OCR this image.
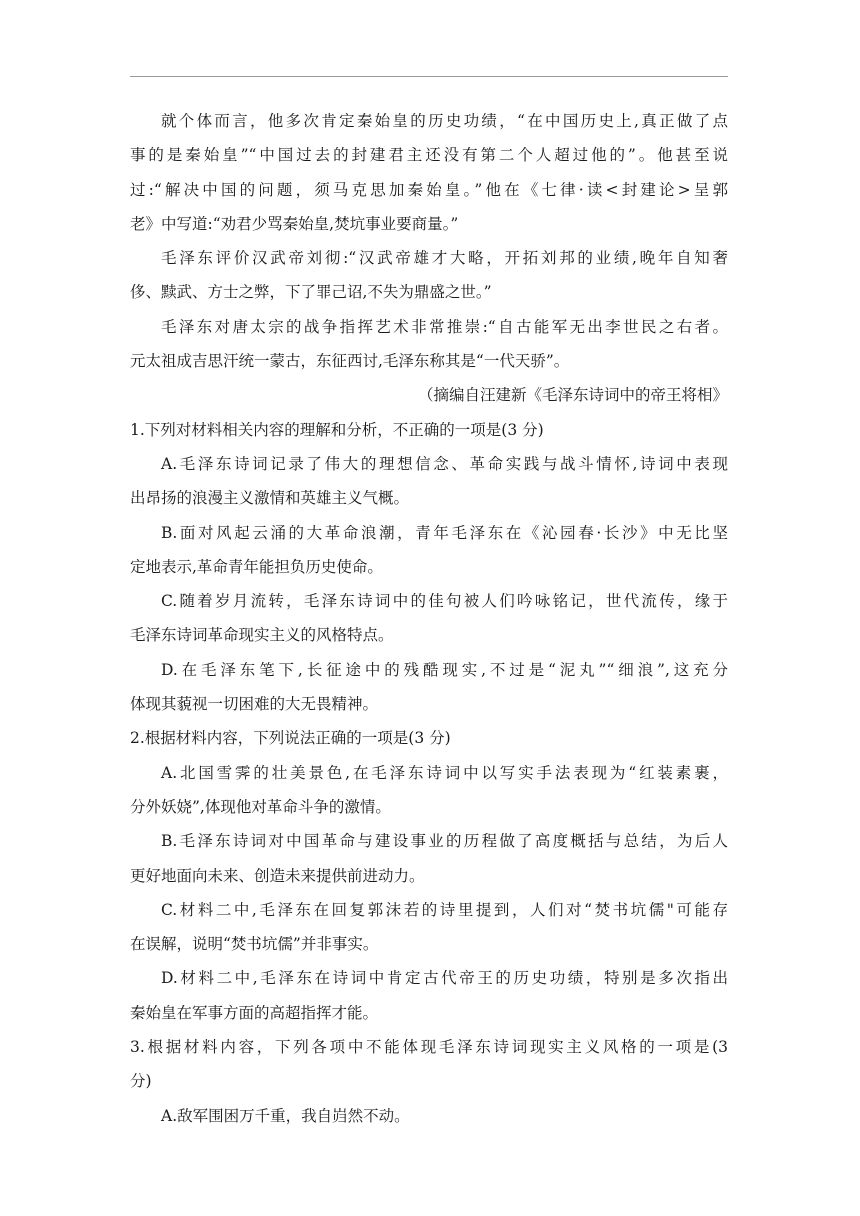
就个体而言，他多次肯定秦始皇的历史功绩，“在中国历史上,真正做了点
事的是秦始皇”“中国过去的封建君主还没有第二个人超过他的”。他甚至说
过:“解决中国的问题，须马克思加秦始皇。”他在《七律·读<封建论>呈郭
老》中写道:“劝君少骂秦始皇,焚坑事业要商量。”
毛泽东评价汉武帝刘彻:“汉武帝雄才大略，开拓刘邦的业绩,晚年自知奢
侈、黩武、方士之弊，下了罪己诏,不失为鼎盛之世。”
毛泽东对唐太宗的战争指挥艺术非常推崇:“自古能军无出李世民之右者。
元太祖成吉思汗统一蒙古，东征西讨,毛泽东称其是“一代天骄”。
（摘编自汪建新《毛泽东诗词中的帝王将相》
1.下列对材料相关内容的理解和分析，不正确的一项是(3 分)
A.毛泽东诗词记录了伟大的理想信念、革命实践与战斗情怀,诗词中表现
出昂扬的浪漫主义激情和英雄主义气概。
B.面对风起云涌的大革命浪潮，青年毛泽东在《沁园春·长沙》中无比坚
定地表示,革命青年能担负历史使命。
C.随着岁月流转，毛泽东诗词中的佳句被人们吟咏铭记，世代流传，缘于
毛泽东诗词革命现实主义的风格特点。
D.在毛泽东笔下,长征途中的残酷现实,不过是“泥丸”“细浪”,这充分
体现其藐视一切困难的大无畏精神。
2.根据材料内容，下列说法正确的一项是(3 分)
A.北国雪霁的壮美景色,在毛泽东诗词中以写实手法表现为“红装素裹，
分外妖娆”,体现他对革命斗争的激情。
B.毛泽东诗词对中国革命与建设事业的历程做了高度概括与总结，为后人
更好地面向未来、创造未来提供前进动力。
C.材料二中,毛泽东在回复郭沫若的诗里提到，人们对“焚书坑儒"可能存
在误解，说明“焚书坑儒”并非事实。
D.材料二中,毛泽东在诗词中肯定古代帝王的历史功绩，特别是多次指出
秦始皇在军事方面的高超指挥才能。
3.根据材料内容，下列各项中不能体现毛泽东诗词现实主义风格的一项是(3
分)
A.敌军围困万千重，我自岿然不动。
